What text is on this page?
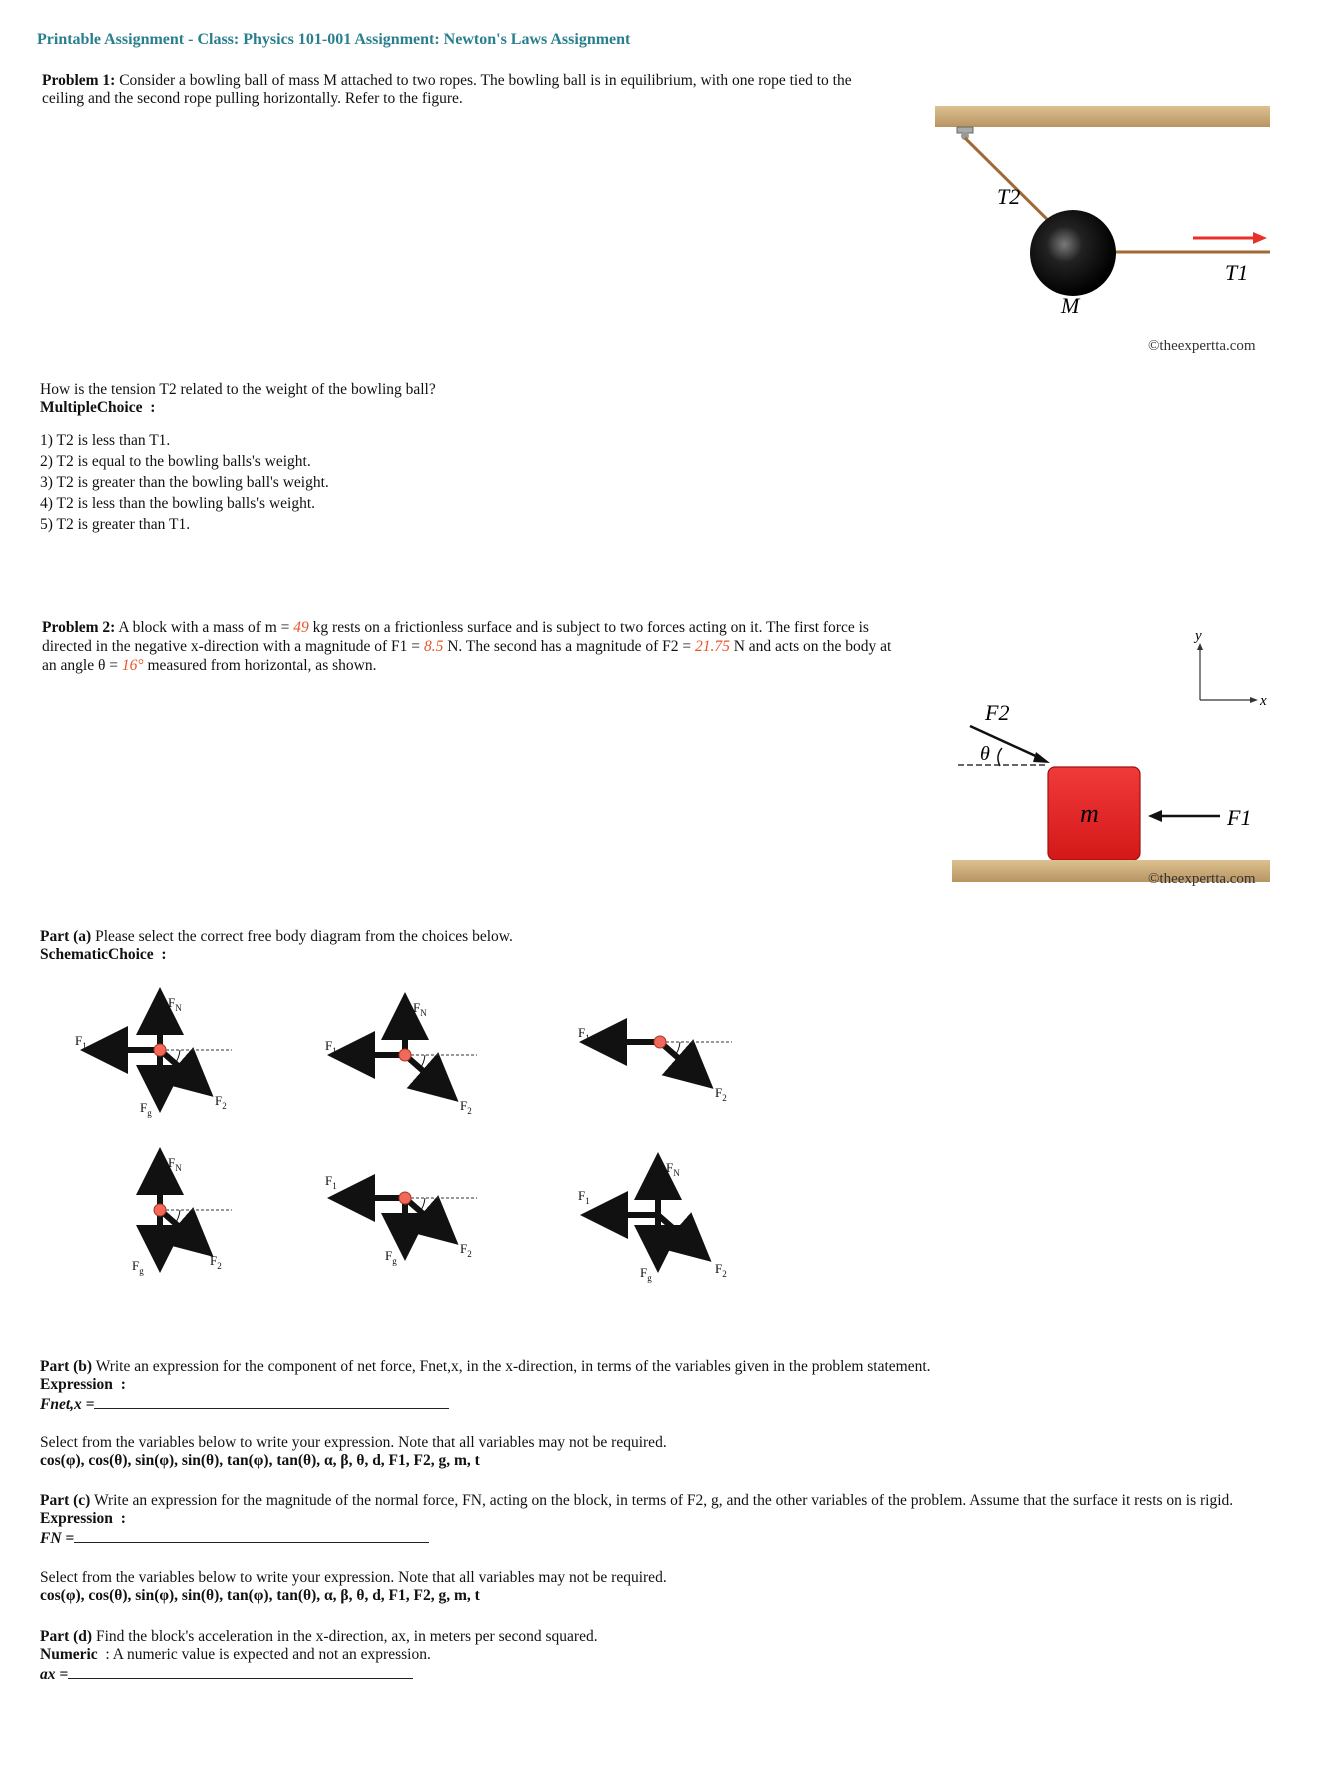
Printable Assignment - Class: Physics 101-001 Assignment: Newton's Laws Assignment
Problem 1: Consider a bowling ball of mass M attached to two ropes. The bowling ball is in equilibrium, with one rope tied to the
ceiling and the second rope pulling horizontally. Refer to the figure.
T2
T1
M
©theexpertta.com
How is the tension T2 related to the weight of the bowling ball?
MultipleChoice  :
1) T2 is less than T1.
2) T2 is equal to the bowling balls's weight.
3) T2 is greater than the bowling ball's weight.
4) T2 is less than the bowling balls's weight.
5) T2 is greater than T1.
Problem 2: A block with a mass of m = 49 kg rests on a frictionless surface and is subject to two forces acting on it. The first force is
directed in the negative x-direction with a magnitude of F1 = 8.5 N. The second has a magnitude of F2 = 21.75 N and acts on the body at
an angle θ = 16° measured from horizontal, as shown.
y
x
F2
θ
m	F1
©theexpertta.com
Part (a) Please select the correct free body diagram from the choices below.
SchematicChoice  :
$F_N$
$F_1$
θ
$F_2$
$F_g$
$F_N$
$F_1$
θ
$F_2$
$F_1$
θ
$F_2$
$F_N$
θ
$F_2$
$F_g$
$F_1$
θ
$F_2$
$F_g$
$F_N$
$F_1$
θ
$F_2$
$F_g$
Part (b) Write an expression for the component of net force, Fnet,x, in the x-direction, in terms of the variables given in the problem statement.
Expression  :
Fnet,x =
Select from the variables below to write your expression. Note that all variables may not be required.
cos(φ), cos(θ), sin(φ), sin(θ), tan(φ), tan(θ), α, β, θ, d, F1, F2, g, m, t
Part (c) Write an expression for the magnitude of the normal force, FN, acting on the block, in terms of F2, g, and the other variables of the problem. Assume that the surface it rests on is rigid.
Expression  :
FN =
Select from the variables below to write your expression. Note that all variables may not be required.
cos(φ), cos(θ), sin(φ), sin(θ), tan(φ), tan(θ), α, β, θ, d, F1, F2, g, m, t
Part (d) Find the block's acceleration in the x-direction, ax, in meters per second squared.
Numeric : A numeric value is expected and not an expression.
ax =
